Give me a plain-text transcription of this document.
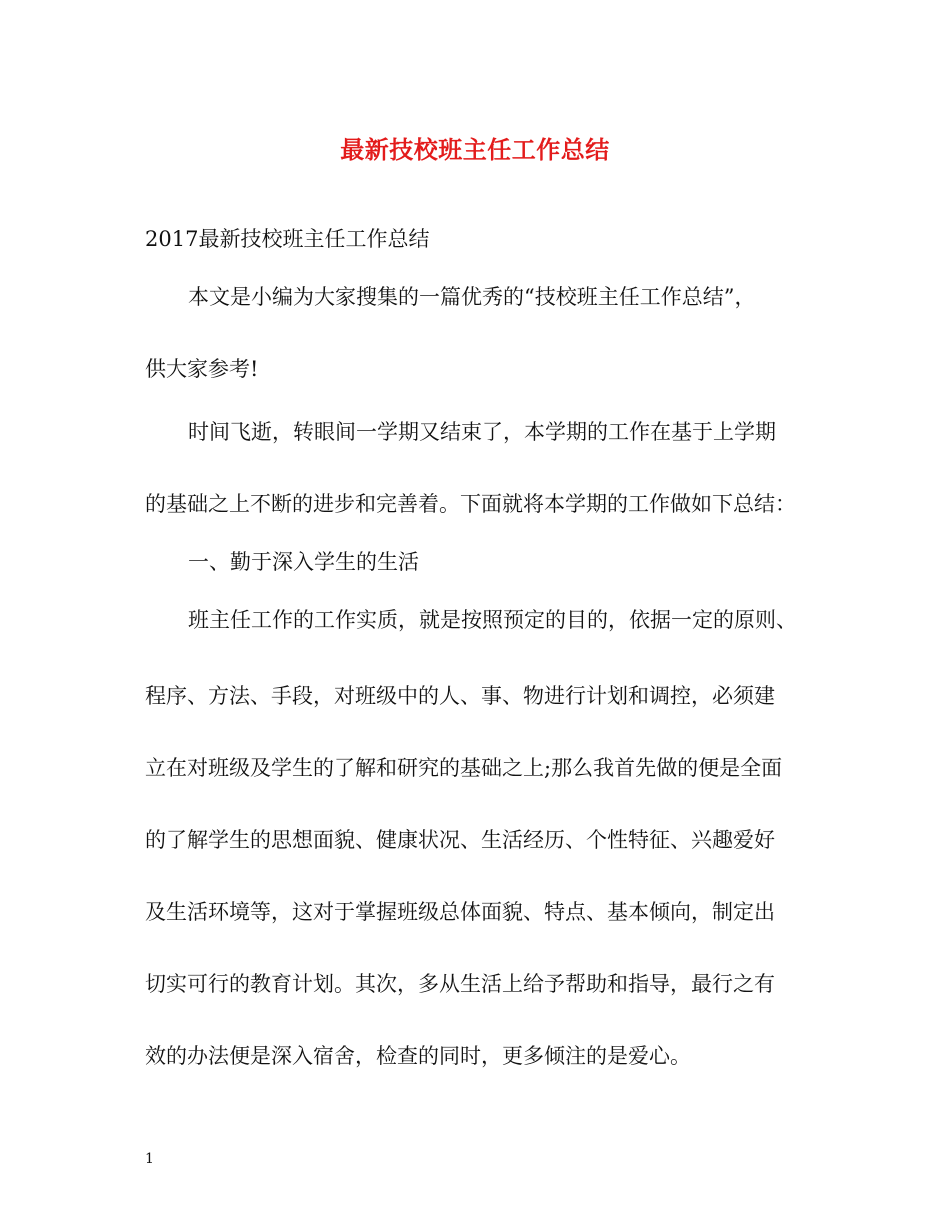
最新技校班主任工作总结
2017最新技校班主任工作总结
本文是小编为大家搜集的一篇优秀的“技校班主任工作总结”，
供大家参考!
时间飞逝，转眼间一学期又结束了，本学期的工作在基于上学期
的基础之上不断的进步和完善着。下面就将本学期的工作做如下总结：
一、勤于深入学生的生活
班主任工作的工作实质，就是按照预定的目的，依据一定的原则、
程序、方法、手段，对班级中的人、事、物进行计划和调控，必须建
立在对班级及学生的了解和研究的基础之上;那么我首先做的便是全面
的了解学生的思想面貌、健康状况、生活经历、个性特征、兴趣爱好
及生活环境等，这对于掌握班级总体面貌、特点、基本倾向，制定出
切实可行的教育计划。其次，多从生活上给予帮助和指导，最行之有
效的办法便是深入宿舍，检查的同时，更多倾注的是爱心。
1
